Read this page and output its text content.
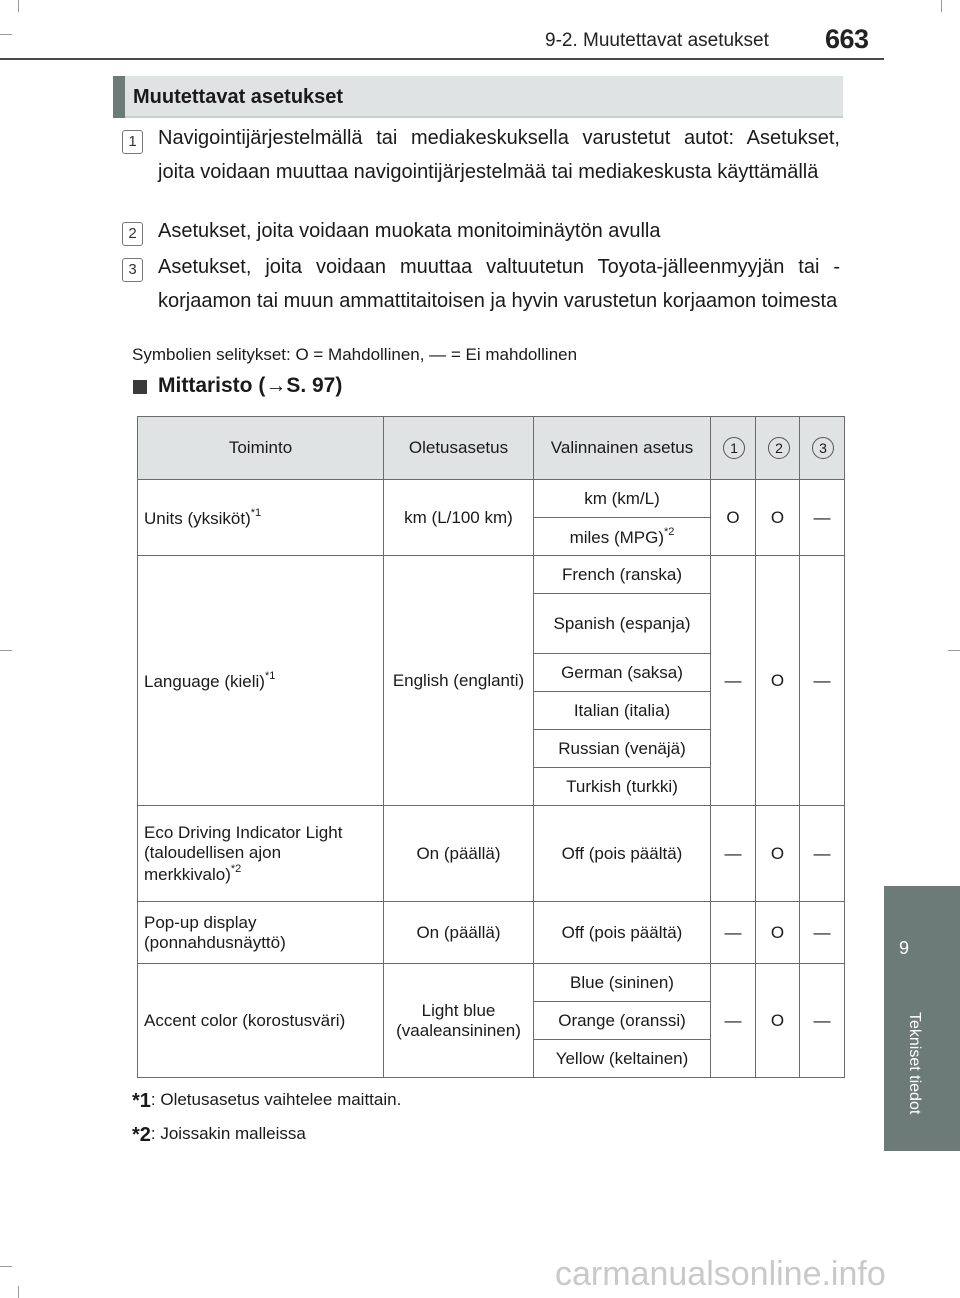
9-2. Muutettavat asetukset 663
9
Muutettavat asetukset
1	Navigointijärjestelmällä tai mediakeskuksella varustetut autot: Asetukset, joita voidaan muuttaa navigointijärjestelmää tai mediakeskusta käyttämällä
2	Asetukset, joita voidaan muokata monitoiminäytön avulla
3	Asetukset, joita voidaan muuttaa valtuutetun Toyota-jälleenmyyjän tai -korjaamon tai muun ammattitaitoisen ja hyvin varustetun korjaamon toimesta
Symbolien selitykset: O = Mahdollinen, — = Ei mahdollinen
Mittaristo (→S. 97)
Toiminto	Oletusasetus	Valinnainen asetus	1	2	3
Units (yksiköt)$^{*1}$	km (L/100 km)	km (km/L)	O	O	—
		miles (MPG)$^{*2}$
Language (kieli)$^{*1}$	English (englanti)	French (ranska)	—	O	—
		Spanish (espanja)			
		German (saksa)			
		Italian (italia)			
		Russian (venäjä)			
		Turkish (turkki)			
Eco Driving Indicator Light (taloudellisen ajon merkkivalo)$^{*2}$	On (päällä)	Off (pois päältä)	—	O	—
Pop-up display (ponnahdusnäyttö)	On (päällä)	Off (pois päältä)	—	O	—
Accent color (korostusväri)	Light blue (vaaleansininen)	Blue (sininen)	—	O	—
		Orange (oranssi)			
		Yellow (keltainen)			
*1: Oletusasetus vaihtelee maittain.
*2: Joissakin malleissa
carmanualsonline.info
